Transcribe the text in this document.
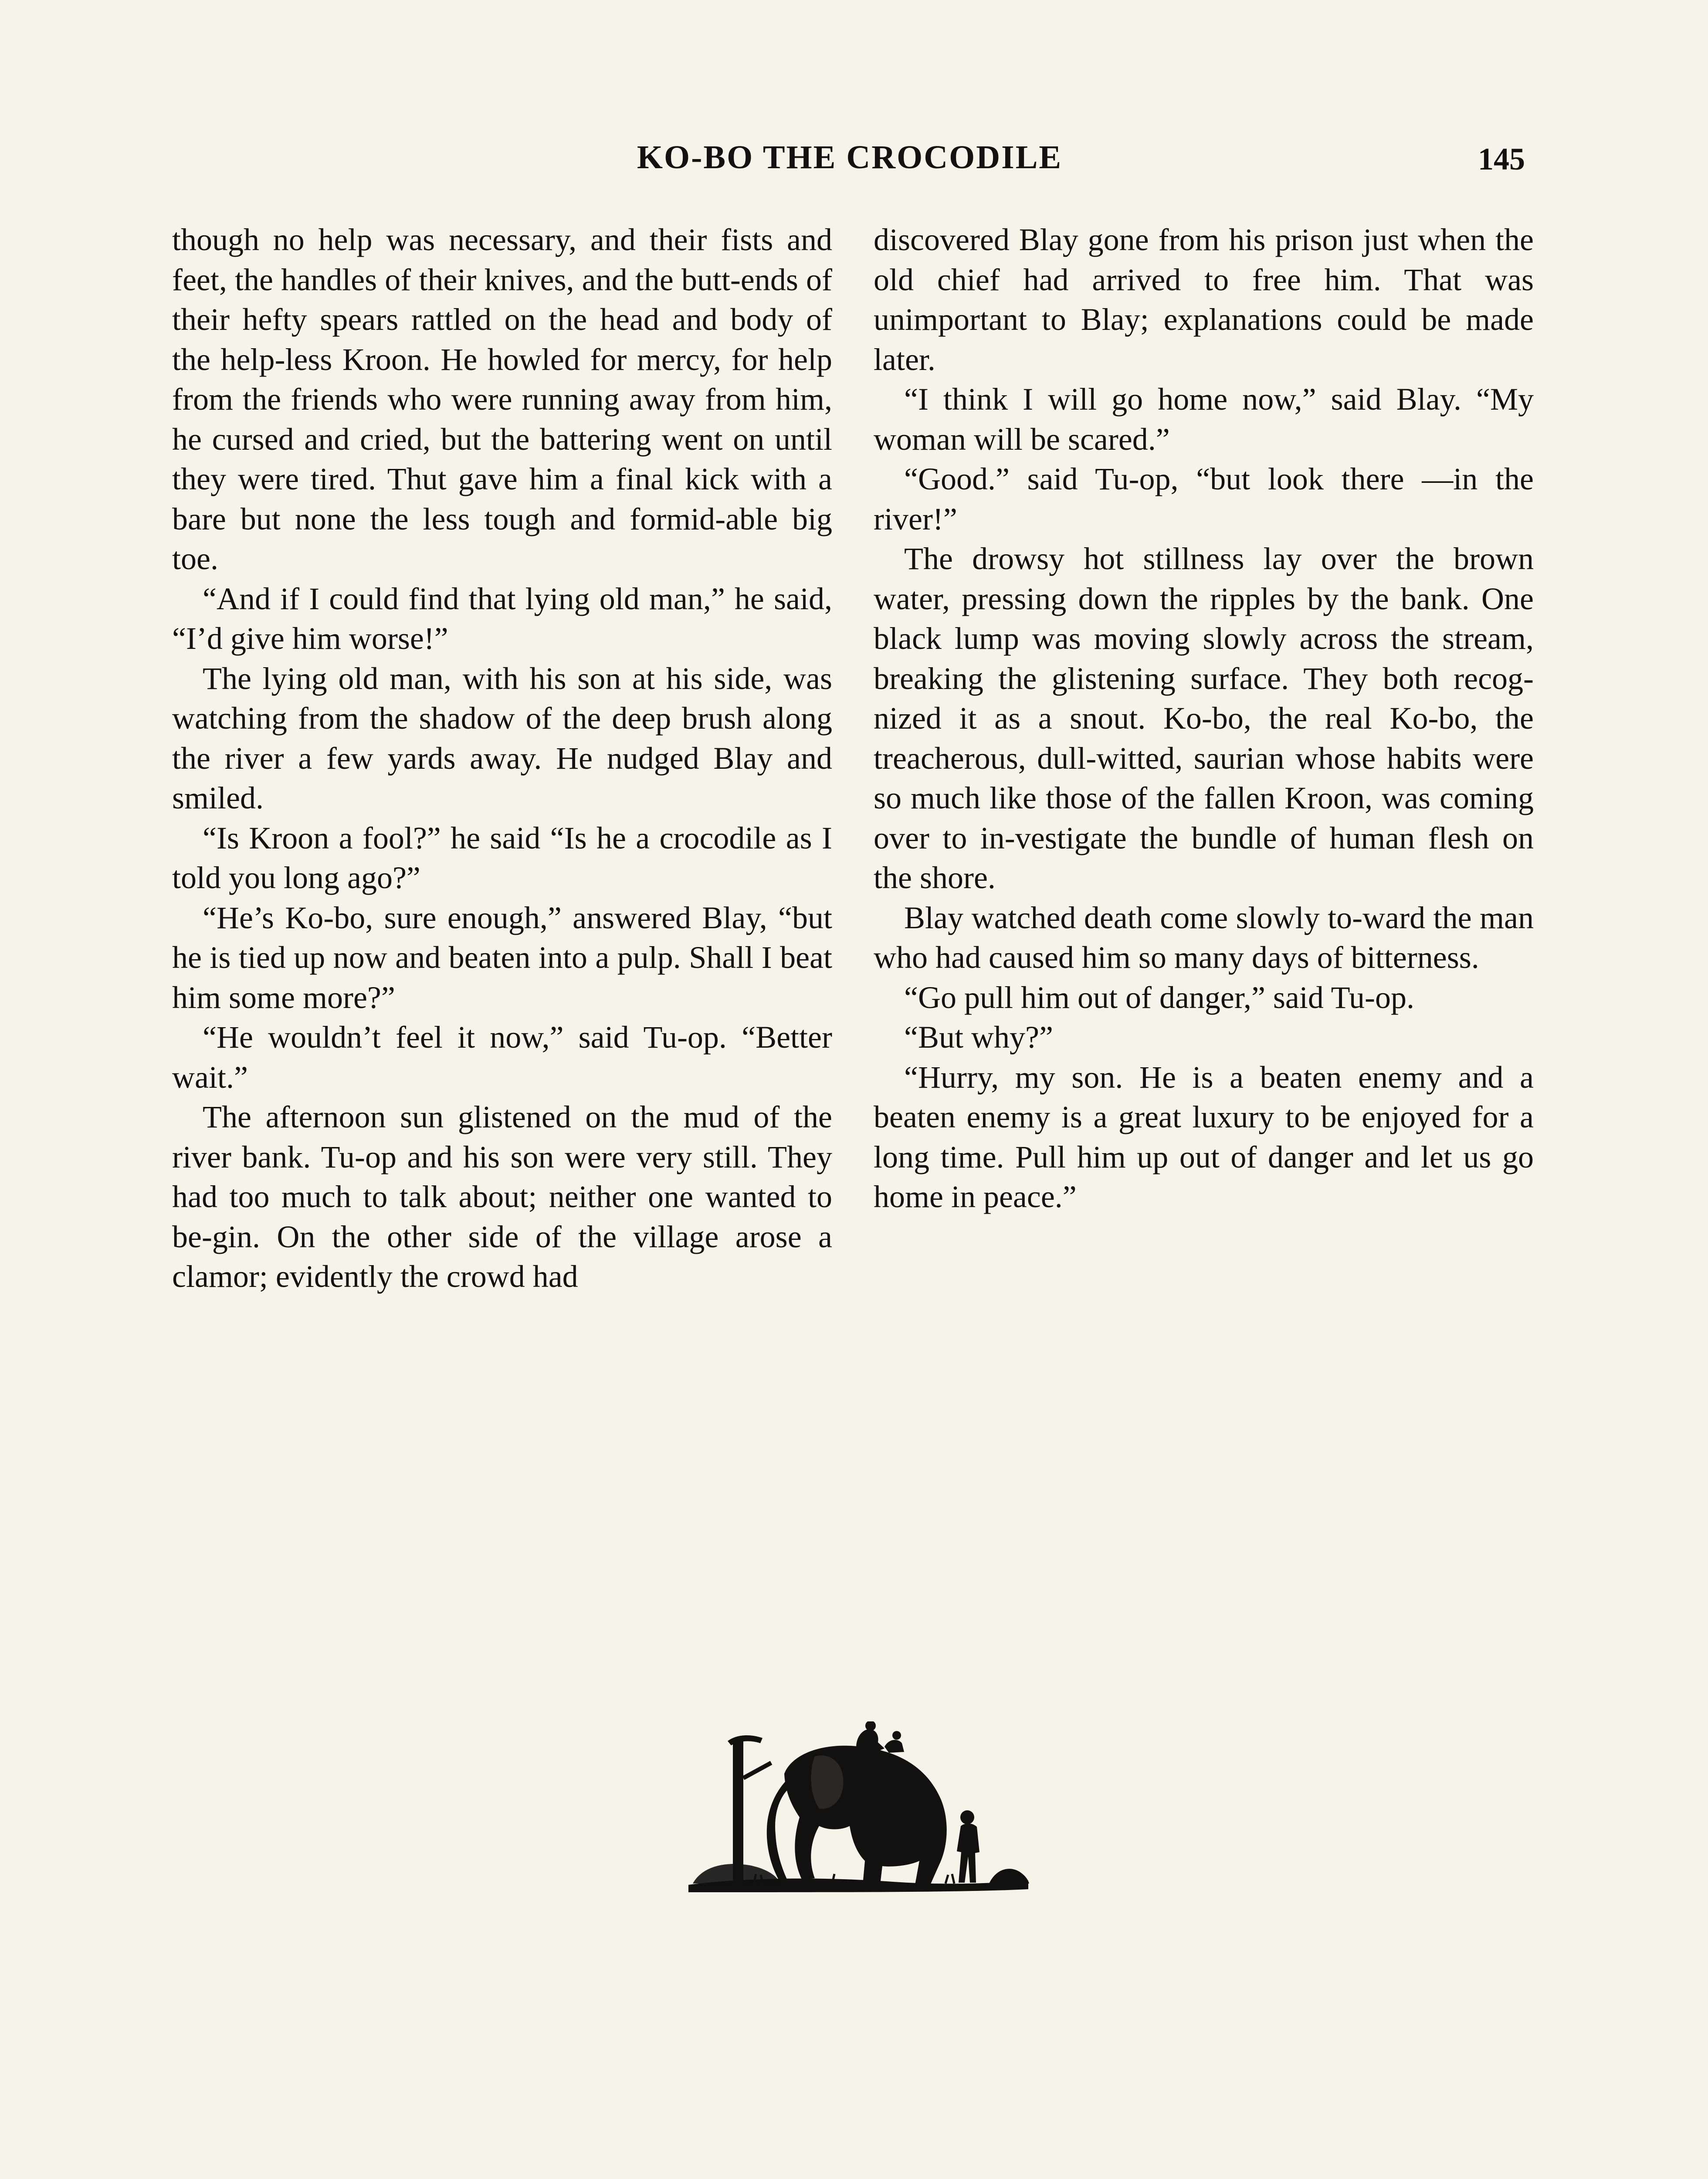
KO-BO THE CROCODILE	145

though no help was necessary, and their fists and feet, the handles of their knives, and the butt-ends of their hefty spears rattled on the head and body of the help-less Kroon. He howled for mercy, for help from the friends who were running away from him, he cursed and cried, but the battering went on until they were tired. Thut gave him a final kick with a bare but none the less tough and formid-able big toe.

“And if I could find that lying old man,” he said, “I’d give him worse!”

The lying old man, with his son at his side, was watching from the shadow of the deep brush along the river a few yards away. He nudged Blay and smiled.

“Is Kroon a fool?” he said “Is he a crocodile as I told you long ago?”

“He’s Ko-bo, sure enough,” answered Blay, “but he is tied up now and beaten into a pulp. Shall I beat him some more?”

“He wouldn’t feel it now,” said Tu-op. “Better wait.”

The afternoon sun glistened on the mud of the river bank. Tu-op and his son were very still. They had too much to talk about; neither one wanted to be-gin. On the other side of the village arose a clamor; evidently the crowd had

discovered Blay gone from his prison just when the old chief had arrived to free him. That was unimportant to Blay; explanations could be made later.

“I think I will go home now,” said Blay. “My woman will be scared.”

“Good.” said Tu-op, “but look there —in the river!”

The drowsy hot stillness lay over the brown water, pressing down the ripples by the bank. One black lump was moving slowly across the stream, breaking the glistening surface. They both recog-nized it as a snout. Ko-bo, the real Ko-bo, the treacherous, dull-witted, saurian whose habits were so much like those of the fallen Kroon, was coming over to in-vestigate the bundle of human flesh on the shore.

Blay watched death come slowly to-ward the man who had caused him so many days of bitterness.

“Go pull him out of danger,” said Tu-op.

“But why?”

“Hurry, my son. He is a beaten enemy and a beaten enemy is a great luxury to be enjoyed for a long time. Pull him up out of danger and let us go home in peace.”
